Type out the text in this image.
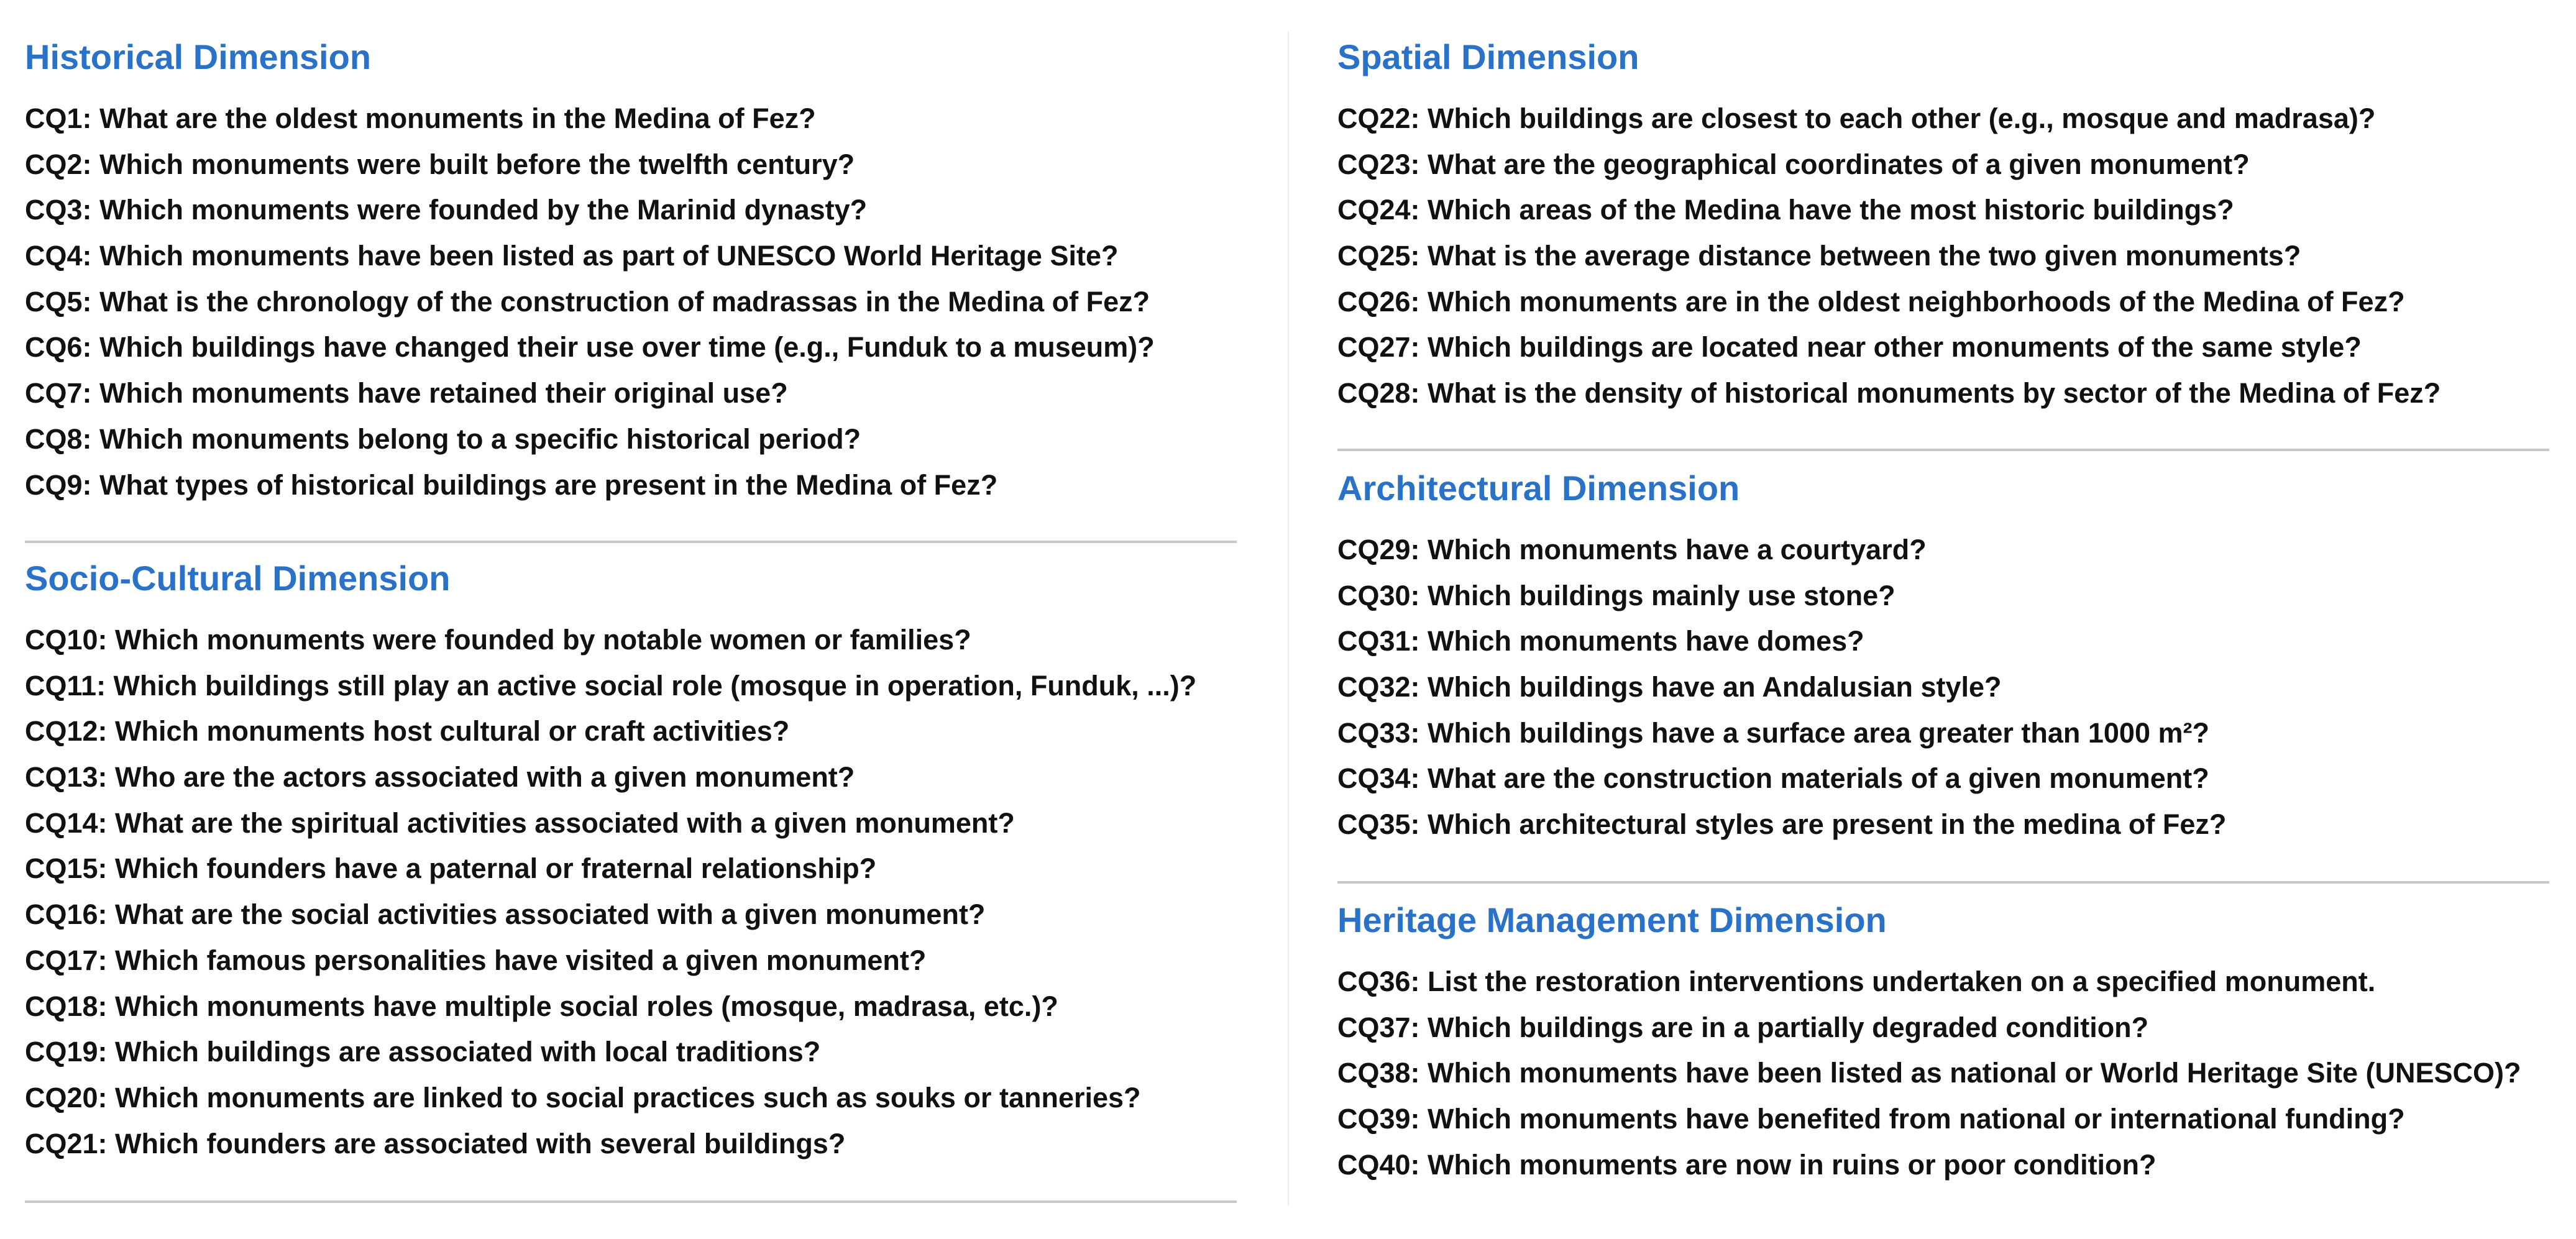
Historical Dimension
CQ1: What are the oldest monuments in the Medina of Fez?
CQ2: Which monuments were built before the twelfth century?
CQ3: Which monuments were founded by the Marinid dynasty?
CQ4: Which monuments have been listed as part of UNESCO World Heritage Site?
CQ5: What is the chronology of the construction of madrassas in the Medina of Fez?
CQ6: Which buildings have changed their use over time (e.g., Funduk to a museum)?
CQ7: Which monuments have retained their original use?
CQ8: Which monuments belong to a specific historical period?
CQ9: What types of historical buildings are present in the Medina of Fez?
Socio-Cultural Dimension
CQ10: Which monuments were founded by notable women or families?
CQ11: Which buildings still play an active social role (mosque in operation, Funduk, ...)?
CQ12: Which monuments host cultural or craft activities?
CQ13: Who are the actors associated with a given monument?
CQ14: What are the spiritual activities associated with a given monument?
CQ15: Which founders have a paternal or fraternal relationship?
CQ16: What are the social activities associated with a given monument?
CQ17: Which famous personalities have visited a given monument?
CQ18: Which monuments have multiple social roles (mosque, madrasa, etc.)?
CQ19: Which buildings are associated with local traditions?
CQ20: Which monuments are linked to social practices such as souks or tanneries?
CQ21: Which founders are associated with several buildings?
Spatial Dimension
CQ22: Which buildings are closest to each other (e.g., mosque and madrasa)?
CQ23: What are the geographical coordinates of a given monument?
CQ24: Which areas of the Medina have the most historic buildings?
CQ25: What is the average distance between the two given monuments?
CQ26: Which monuments are in the oldest neighborhoods of the Medina of Fez?
CQ27: Which buildings are located near other monuments of the same style?
CQ28: What is the density of historical monuments by sector of the Medina of Fez?
Architectural Dimension
CQ29: Which monuments have a courtyard?
CQ30: Which buildings mainly use stone?
CQ31: Which monuments have domes?
CQ32: Which buildings have an Andalusian style?
CQ33: Which buildings have a surface area greater than 1000 m²?
CQ34: What are the construction materials of a given monument?
CQ35: Which architectural styles are present in the medina of Fez?
Heritage Management Dimension
CQ36: List the restoration interventions undertaken on a specified monument.
CQ37: Which buildings are in a partially degraded condition?
CQ38: Which monuments have been listed as national or World Heritage Site (UNESCO)?
CQ39: Which monuments have benefited from national or international funding?
CQ40: Which monuments are now in ruins or poor condition?
